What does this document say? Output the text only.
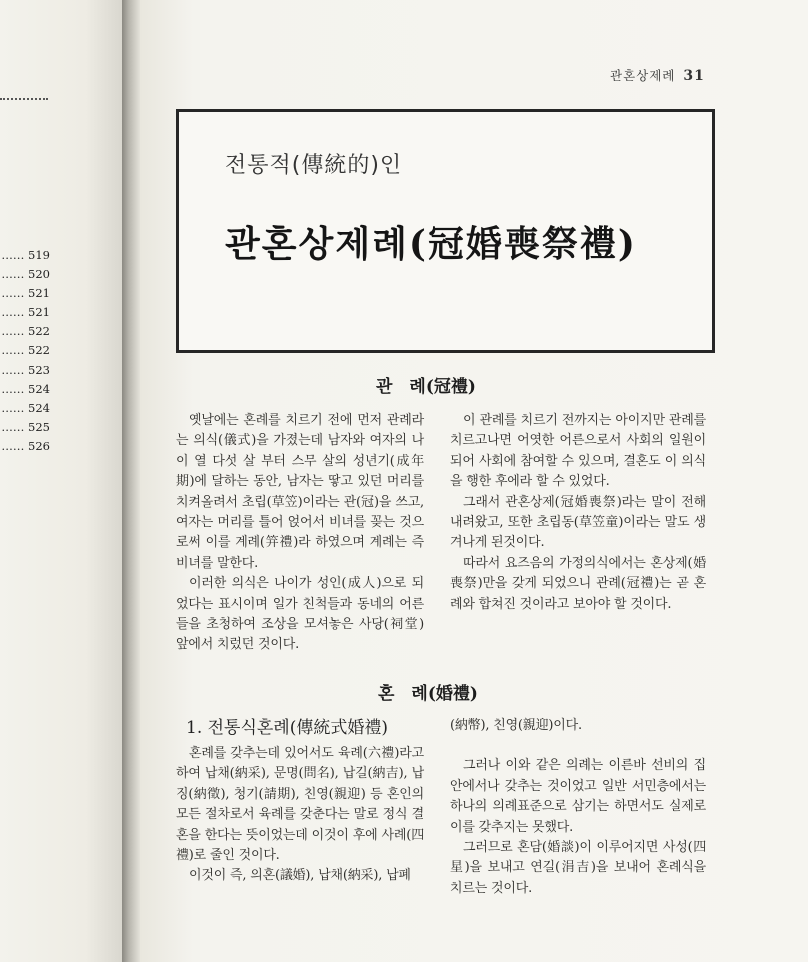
…… 519
…… 520
…… 521
…… 521
…… 522
…… 522
…… 523
…… 524
…… 524
…… 525
…… 526
관혼상제례 31
전통적(傳統的)인
관혼상제례(冠婚喪祭禮)
관　례(冠禮)

옛날에는 혼례를 치르기 전에 먼저 관례라는 의식(儀式)을 가졌는데 남자와 여자의 나이 열 다섯 살 부터 스무 살의 성년기(成年期)에 달하는 동안, 남자는 땋고 있던 머리를 치켜올려서 초립(草笠)이라는 관(冠)을 쓰고, 여자는 머리를 틀어 얹어서 비녀를 꽂는 것으로써 이를 계례(笄禮)라 하였으며 계례는 즉 비녀를 말한다.

이러한 의식은 나이가 성인(成人)으로 되었다는 표시이며 일가 친척들과 동네의 어른들을 초청하여 조상을 모셔놓은 사당(祠堂) 앞에서 치렀던 것이다.

이 관례를 치르기 전까지는 아이지만 관례를 치르고나면 어엿한 어른으로서 사회의 일원이 되어 사회에 참여할 수 있으며, 결혼도 이 의식을 행한 후에라 할 수 있었다.

그래서 관혼상제(冠婚喪祭)라는 말이 전해 내려왔고, 또한 초립동(草笠童)이라는 말도 생겨나게 된것이다.

따라서 요즈음의 가정의식에서는 혼상제(婚喪祭)만을 갖게 되었으니 관례(冠禮)는 곧 혼례와 합쳐진 것이라고 보아야 할 것이다.

혼　례(婚禮)
1. 전통식혼례(傳統式婚禮)

혼례를 갖추는데 있어서도 육례(六禮)라고 하여 납채(納采), 문명(問名), 납길(納吉), 납징(納徵), 청기(請期), 친영(親迎) 등 혼인의 모든 절차로서 육례를 갖춘다는 말로 정식 결혼을 한다는 뜻이었는데 이것이 후에 사례(四禮)로 줄인 것이다.

이것이 즉, 의혼(議婚), 납채(納采), 납폐

(納幣), 친영(親迎)이다.

그러나 이와 같은 의례는 이른바 선비의 집안에서나 갖추는 것이었고 일반 서민층에서는 하나의 의례표준으로 삼기는 하면서도 실제로 이를 갖추지는 못했다.

그러므로 혼담(婚談)이 이루어지면 사성(四星)을 보내고 연길(涓吉)을 보내어 혼례식을 치르는 것이다.
